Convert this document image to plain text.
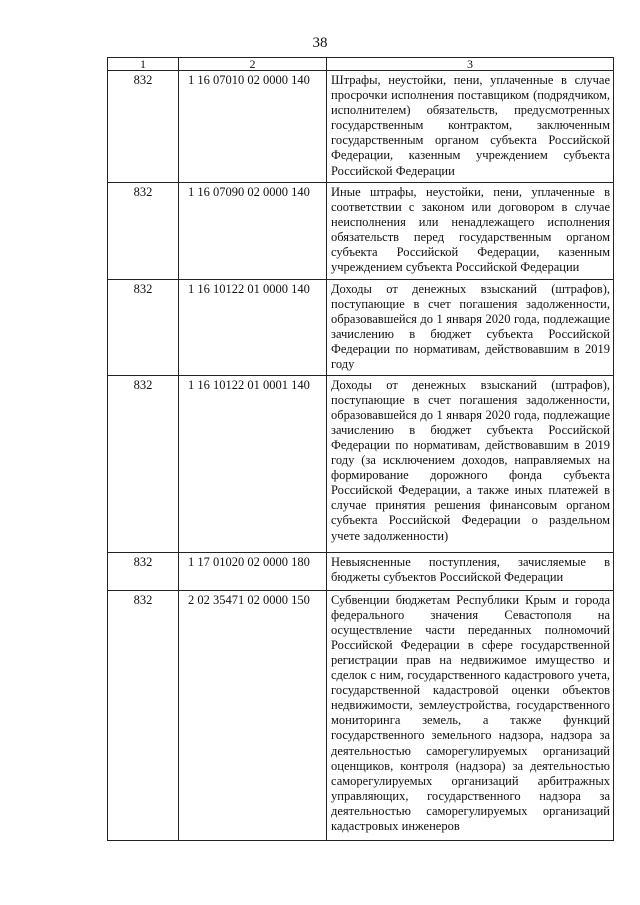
38
1	2	3
832	1 16 07010 02 0000 140	Штрафы, неустойки, пени, уплаченные в случае просрочки исполнения поставщиком (подрядчиком, исполнителем) обязательств, предусмотренных государственным контрактом, заключенным государственным органом субъекта Российской Федерации, казенным учреждением субъекта Российской Федерации
832	1 16 07090 02 0000 140	Иные штрафы, неустойки, пени, уплаченные в соответствии с законом или договором в случае неисполнения или ненадлежащего исполнения обязательств перед государственным органом субъекта Российской Федерации, казенным учреждением субъекта Российской Федерации
832	1 16 10122 01 0000 140	Доходы от денежных взысканий (штрафов), поступающие в счет погашения задолженности, образовавшейся до 1 января 2020 года, подлежащие зачислению в бюджет субъекта Российской Федерации по нормативам, действовавшим в 2019 году
832	1 16 10122 01 0001 140	Доходы от денежных взысканий (штрафов), поступающие в счет погашения задолженности, образовавшейся до 1 января 2020 года, подлежащие зачислению в бюджет субъекта Российской Федерации по нормативам, действовавшим в 2019 году (за исключением доходов, направляемых на формирование дорожного фонда субъекта Российской Федерации, а также иных платежей в случае принятия решения финансовым органом субъекта Российской Федерации о раздельном учете задолженности)
832	1 17 01020 02 0000 180	Невыясненные поступления, зачисляемые в бюджеты субъектов Российской Федерации
832	2 02 35471 02 0000 150	Субвенции бюджетам Республики Крым и города федерального значения Севастополя на осуществление части переданных полномочий Российской Федерации в сфере государственной регистрации прав на недвижимое имущество и сделок с ним, государственного кадастрового учета, государственной кадастровой оценки объектов недвижимости, землеустройства, государственного мониторинга земель, а также функций государственного земельного надзора, надзора за деятельностью саморегулируемых организаций оценщиков, контроля (надзора) за деятельностью саморегулируемых организаций арбитражных управляющих, государственного надзора за деятельностью саморегулируемых организаций кадастровых инженеров
